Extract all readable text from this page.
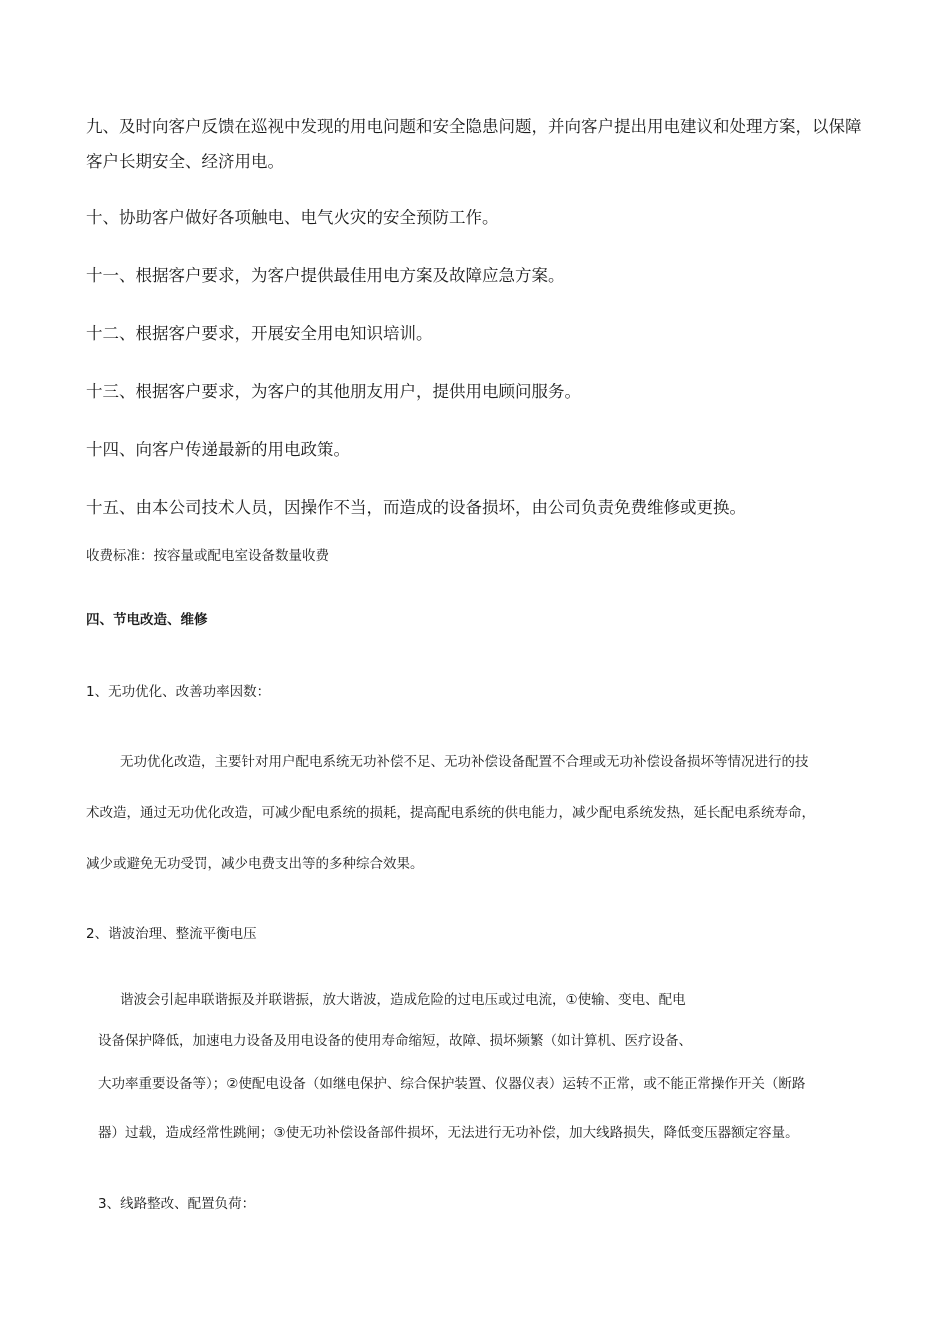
九、及时向客户反馈在巡视中发现的用电问题和安全隐患问题，并向客户提出用电建议和处理方案，以保障

客户长期安全、经济用电。

十、协助客户做好各项触电、电气火灾的安全预防工作。

十一、根据客户要求，为客户提供最佳用电方案及故障应急方案。

十二、根据客户要求，开展安全用电知识培训。

十三、根据客户要求，为客户的其他朋友用户，提供用电顾问服务。

十四、向客户传递最新的用电政策。

十五、由本公司技术人员，因操作不当，而造成的设备损坏，由公司负责免费维修或更换。

收费标准：按容量或配电室设备数量收费

四、节电改造、维修

1、无功优化、改善功率因数：

无功优化改造，主要针对用户配电系统无功补偿不足、无功补偿设备配置不合理或无功补偿设备损坏等情况进行的技

术改造，通过无功优化改造，可减少配电系统的损耗，提高配电系统的供电能力，减少配电系统发热，延长配电系统寿命，

减少或避免无功受罚，减少电费支出等的多种综合效果。

2、谐波治理、整流平衡电压

谐波会引起串联谐振及并联谐振，放大谐波，造成危险的过电压或过电流，①使输、变电、配电

设备保护降低，加速电力设备及用电设备的使用寿命缩短，故障、损坏频繁（如计算机、医疗设备、

大功率重要设备等）；②使配电设备（如继电保护、综合保护装置、仪器仪表）运转不正常，或不能正常操作开关（断路

器）过载，造成经常性跳闸；③使无功补偿设备部件损坏，无法进行无功补偿，加大线路损失，降低变压器额定容量。

3、线路整改、配置负荷：
